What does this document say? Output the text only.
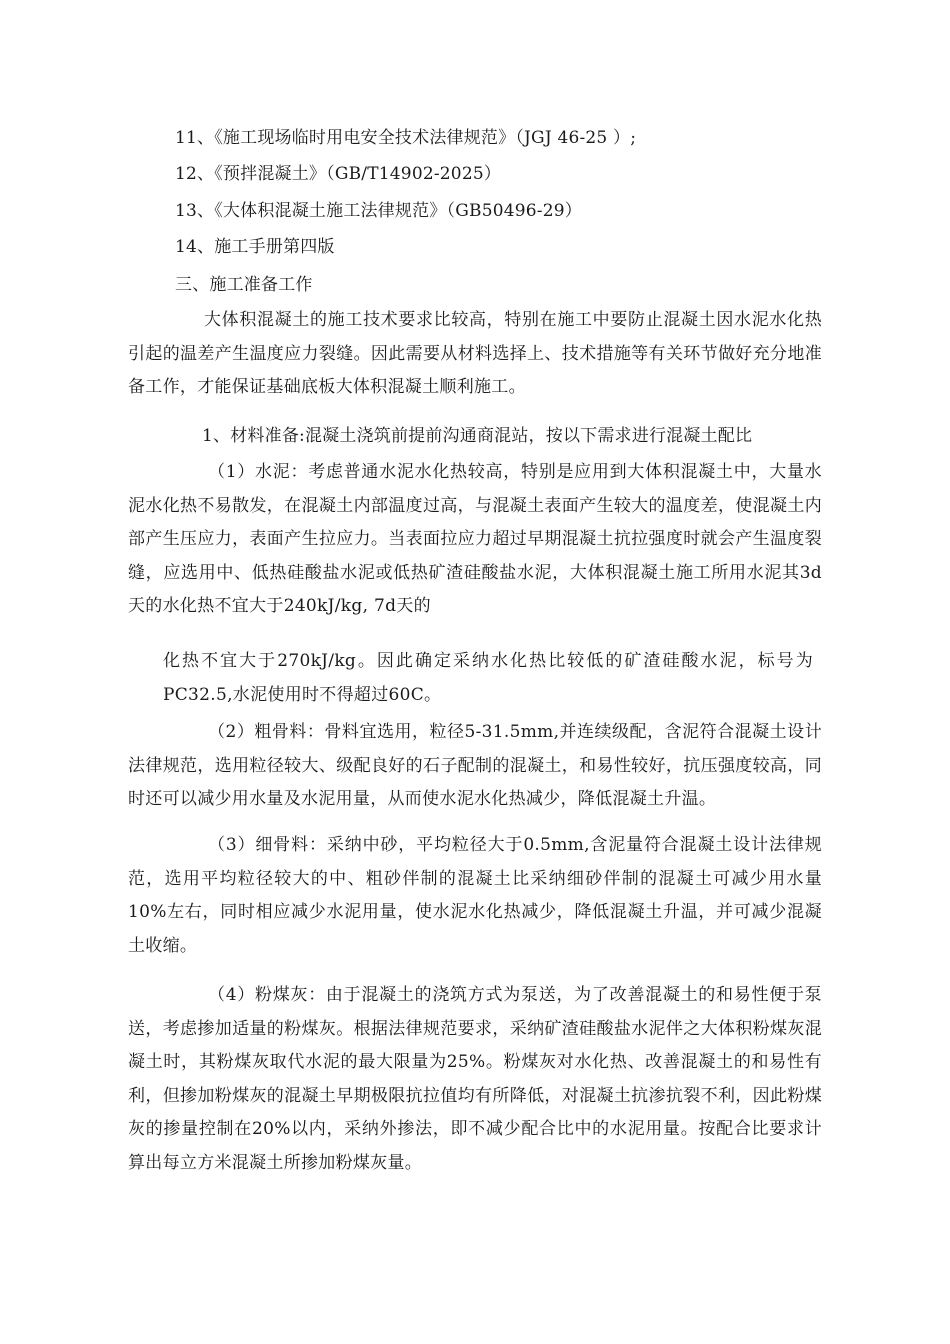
11、《施工现场临时用电安全技术法律规范》（JGJ 46-25 ）;
12、《预拌混凝土》（GB/T14902-2025）
13、《大体积混凝土施工法律规范》（GB50496-29）
14、施工手册第四版
三、施工准备工作
大体积混凝土的施工技术要求比较高，特别在施工中要防止混凝土因水泥水化热引起的温差产生温度应力裂缝。因此需要从材料选择上、技术措施等有关环节做好充分地准备工作，才能保证基础底板大体积混凝土顺利施工。
1、材料准备:混凝土浇筑前提前沟通商混站，按以下需求进行混凝土配比
（1）水泥：考虑普通水泥水化热较高，特别是应用到大体积混凝土中，大量水泥水化热不易散发，在混凝土内部温度过高，与混凝土表面产生较大的温度差，使混凝土内部产生压应力，表面产生拉应力。当表面拉应力超过早期混凝土抗拉强度时就会产生温度裂缝，应选用中、低热硅酸盐水泥或低热矿渣硅酸盐水泥，大体积混凝土施工所用水泥其3d天的水化热不宜大于240kJ/kg, 7d天的
化热不宜大于270kJ/kg。因此确定采纳水化热比较低的矿渣硅酸水泥，标号为PC32.5,水泥使用时不得超过60C。
（2）粗骨料：骨料宜选用，粒径5-31.5mm,并连续级配，含泥符合混凝土设计法律规范，选用粒径较大、级配良好的石子配制的混凝土，和易性较好，抗压强度较高，同时还可以减少用水量及水泥用量，从而使水泥水化热减少，降低混凝土升温。
（3）细骨料：采纳中砂，平均粒径大于0.5mm,含泥量符合混凝土设计法律规范，选用平均粒径较大的中、粗砂伴制的混凝土比采纳细砂伴制的混凝土可减少用水量10%左右，同时相应减少水泥用量，使水泥水化热减少，降低混凝土升温，并可减少混凝土收缩。
（4）粉煤灰：由于混凝土的浇筑方式为泵送，为了改善混凝土的和易性便于泵送，考虑掺加适量的粉煤灰。根据法律规范要求，采纳矿渣硅酸盐水泥伴之大体积粉煤灰混凝土时，其粉煤灰取代水泥的最大限量为25%。粉煤灰对水化热、改善混凝土的和易性有利，但掺加粉煤灰的混凝土早期极限抗拉值均有所降低，对混凝土抗渗抗裂不利，因此粉煤灰的掺量控制在20%以内，采纳外掺法，即不减少配合比中的水泥用量。按配合比要求计算出每立方米混凝土所掺加粉煤灰量。
